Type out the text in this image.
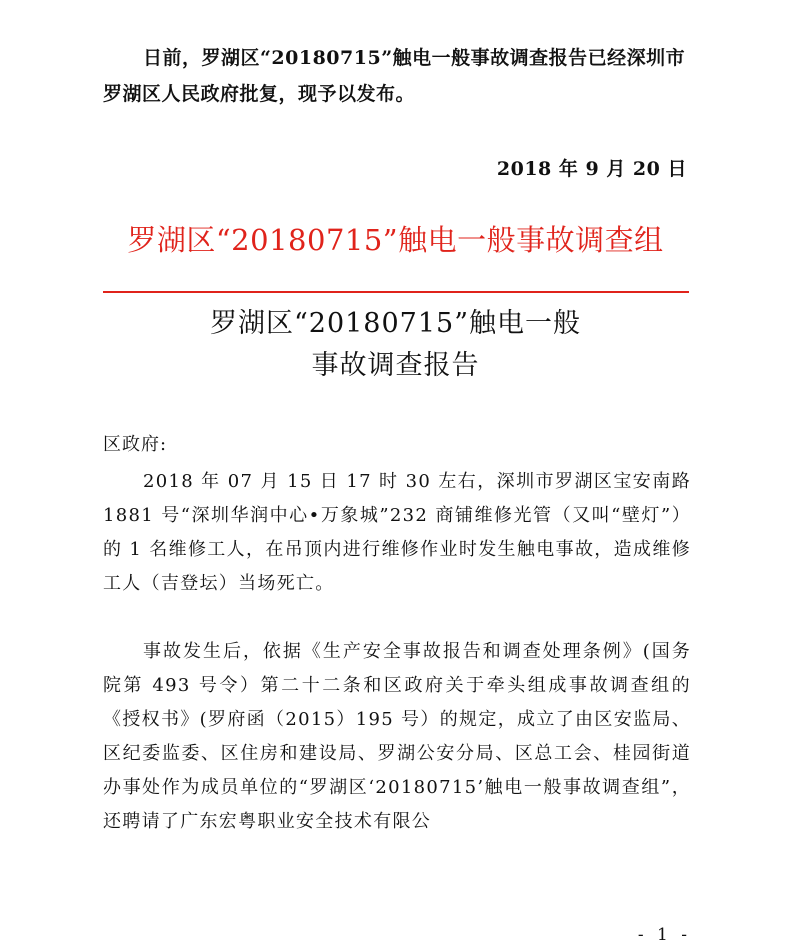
日前，罗湖区“20180715”触电一般事故调查报告已经深圳市
罗湖区人民政府批复，现予以发布。
2018 年 9 月 20 日
罗湖区“20180715”触电一般事故调查组
罗湖区“20180715”触电一般
事故调查报告
区政府:
2018 年 07 月 15 日 17 时 30 左右，深圳市罗湖区宝安南路 1881 号“深圳华润中心•万象城”232 商铺维修光管（又叫“壁灯”）的 1 名维修工人，在吊顶内进行维修作业时发生触电事故，造成维修工人（吉登坛）当场死亡。
事故发生后，依据《生产安全事故报告和调查处理条例》(国务院第 493 号令）第二十二条和区政府关于牵头组成事故调查组的《授权书》(罗府函（2015）195 号）的规定，成立了由区安监局、区纪委监委、区住房和建设局、罗湖公安分局、区总工会、桂园街道办事处作为成员单位的“罗湖区‘20180715’触电一般事故调查组”，还聘请了广东宏粤职业安全技术有限公
- 1 -
